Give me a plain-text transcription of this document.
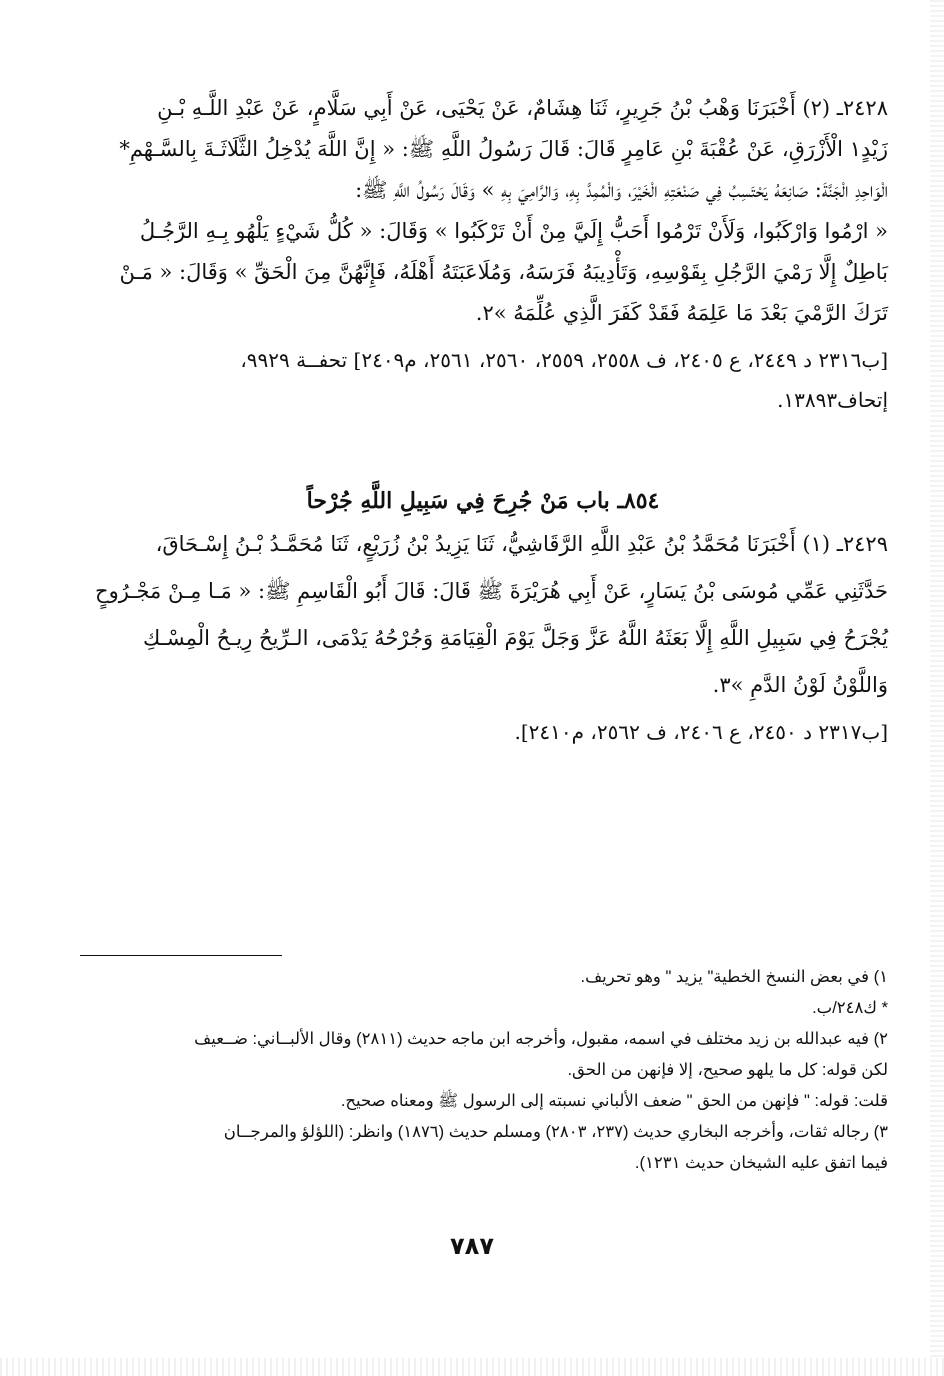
٢٤٢٨ـ (٢) أَخْبَرَنَا وَهْبُ بْنُ جَرِيرٍ، ثَنَا هِشَامٌ، عَنْ يَحْيَى، عَنْ أَبِي سَلَّامٍ، عَنْ عَبْدِ اللَّـهِ بْـنِ

زَيْدٍ١ الْأَزْرَقِ، عَنْ عُقْبَةَ بْنِ عَامِرٍ قَالَ: قَالَ رَسُولُ اللَّهِ ﷺ: « إِنَّ اللَّهَ يُدْخِلُ الثَّلَاثَـةَ بِالسَّـهْمِ*

الْوَاحِدِ الْجَنَّةَ: صَانِعَهُ يَحْتَسِبُ فِي صَنْعَتِهِ الْخَيْرَ، وَالْمُمِدَّ بِهِ، وَالرَّامِيَ بِهِ » وَقَالَ رَسُولُ اللَّهِ ﷺ:

« ارْمُوا وَارْكَبُوا، وَلَأَنْ تَرْمُوا أَحَبُّ إِلَيَّ مِنْ أَنْ تَرْكَبُوا » وَقَالَ: « كُلُّ شَيْءٍ يَلْهُو بِـهِ الرَّجُـلُ

بَاطِلٌ إِلَّا رَمْيَ الرَّجُلِ بِقَوْسِهِ، وَتَأْدِيبَهُ فَرَسَهُ، وَمُلَاعَبَتَهُ أَهْلَهُ، فَإِنَّهُنَّ مِنَ الْحَقِّ » وَقَالَ: « مَـنْ

تَرَكَ الرَّمْيَ بَعْدَ مَا عَلِمَهُ فَقَدْ كَفَرَ الَّذِي عُلِّمَهُ »٢.

[ب٢٣١٦ د ٢٤٤٩، ع ٢٤٠٥، ف ٢٥٥٨، ٢٥٥٩، ٢٥٦٠، ٢٥٦١، م٢٤٠٩] تحفــة ٩٩٢٩،

إتحاف١٣٨٩٣.

٨٥٤ـ باب مَنْ جُرِحَ فِي سَبِيلِ اللَّهِ جُرْحاً

٢٤٢٩ـ (١) أَخْبَرَنَا مُحَمَّدُ بْنُ عَبْدِ اللَّهِ الرَّقَاشِيُّ، ثَنَا يَزِيدُ بْنُ زُرَيْعٍ، ثَنَا مُحَمَّـدُ بْـنُ إِسْـحَاقَ،

حَدَّثَنِي عَمِّي مُوسَى بْنُ يَسَارٍ، عَنْ أَبِي هُرَيْرَةَ ﷺ قَالَ: قَالَ أَبُو الْقَاسِمِ ﷺ: « مَـا مِـنْ مَجْـرُوحٍ

يُجْرَحُ فِي سَبِيلِ اللَّهِ إِلَّا بَعَثَهُ اللَّهُ عَزَّ وَجَلَّ يَوْمَ الْقِيَامَةِ وَجُرْحُهُ يَدْمَى، الـرِّيحُ رِيـحُ الْمِسْـكِ

وَاللَّوْنُ لَوْنُ الدَّمِ »٣.

[ب٢٣١٧ د ٢٤٥٠، ع ٢٤٠٦، ف ٢٥٦٢، م٢٤١٠].

١) في بعض النسخ الخطية" يزيد " وهو تحريف.

* ك٢٤٨/ب.

٢) فيه عبدالله بن زيد مختلف في اسمه، مقبول، وأخرجه ابن ماجه حديث (٢٨١١) وقال الألبــاني: ضــعيف

لكن قوله: كل ما يلهو صحيح، إلا فإنهن من الحق.

قلت: قوله: " فإنهن من الحق " ضعف الألباني نسبته إلى الرسول ﷺ ومعناه صحيح.

٣) رجاله ثقات، وأخرجه البخاري حديث (٢٣٧، ٢٨٠٣) ومسلم حديث (١٨٧٦) وانظر: (اللؤلؤ والمرجــان

فيما اتفق عليه الشيخان حديث ١٢٣١).

٧٨٧
